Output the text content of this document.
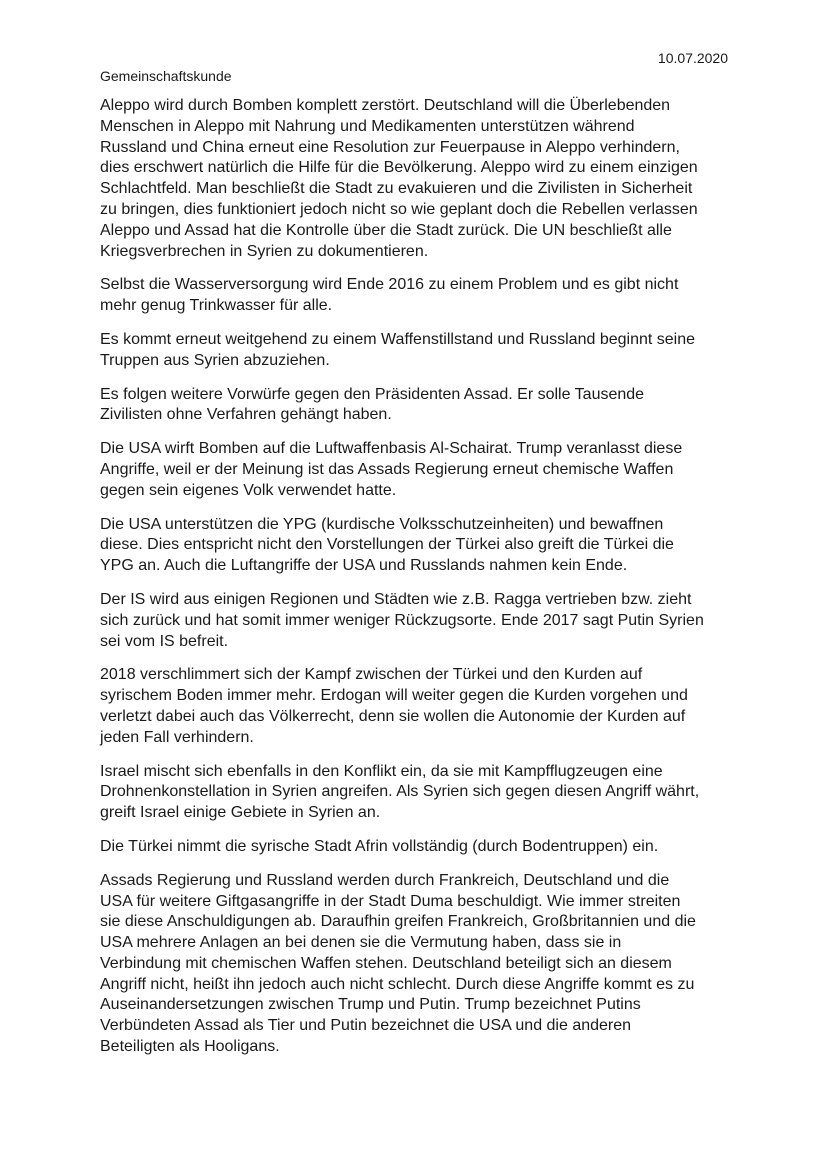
10.07.2020
Gemeinschaftskunde
Aleppo wird durch Bomben komplett zerstört. Deutschland will die Überlebenden
Menschen in Aleppo mit Nahrung und Medikamenten unterstützen während
Russland und China erneut eine Resolution zur Feuerpause in Aleppo verhindern,
dies erschwert natürlich die Hilfe für die Bevölkerung. Aleppo wird zu einem einzigen
Schlachtfeld. Man beschließt die Stadt zu evakuieren und die Zivilisten in Sicherheit
zu bringen, dies funktioniert jedoch nicht so wie geplant doch die Rebellen verlassen
Aleppo und Assad hat die Kontrolle über die Stadt zurück. Die UN beschließt alle
Kriegsverbrechen in Syrien zu dokumentieren.
Selbst die Wasserversorgung wird Ende 2016 zu einem Problem und es gibt nicht
mehr genug Trinkwasser für alle.
Es kommt erneut weitgehend zu einem Waffenstillstand und Russland beginnt seine
Truppen aus Syrien abzuziehen.
Es folgen weitere Vorwürfe gegen den Präsidenten Assad. Er solle Tausende
Zivilisten ohne Verfahren gehängt haben.
Die USA wirft Bomben auf die Luftwaffenbasis Al-Schairat. Trump veranlasst diese
Angriffe, weil er der Meinung ist das Assads Regierung erneut chemische Waffen
gegen sein eigenes Volk verwendet hatte.
Die USA unterstützen die YPG (kurdische Volksschutzeinheiten) und bewaffnen
diese. Dies entspricht nicht den Vorstellungen der Türkei also greift die Türkei die
YPG an. Auch die Luftangriffe der USA und Russlands nahmen kein Ende.
Der IS wird aus einigen Regionen und Städten wie z.B. Ragga vertrieben bzw. zieht
sich zurück und hat somit immer weniger Rückzugsorte. Ende 2017 sagt Putin Syrien
sei vom IS befreit.
2018 verschlimmert sich der Kampf zwischen der Türkei und den Kurden auf
syrischem Boden immer mehr. Erdogan will weiter gegen die Kurden vorgehen und
verletzt dabei auch das Völkerrecht, denn sie wollen die Autonomie der Kurden auf
jeden Fall verhindern.
Israel mischt sich ebenfalls in den Konflikt ein, da sie mit Kampfflugzeugen eine
Drohnenkonstellation in Syrien angreifen. Als Syrien sich gegen diesen Angriff währt,
greift Israel einige Gebiete in Syrien an.
Die Türkei nimmt die syrische Stadt Afrin vollständig (durch Bodentruppen) ein.
Assads Regierung und Russland werden durch Frankreich, Deutschland und die
USA für weitere Giftgasangriffe in der Stadt Duma beschuldigt. Wie immer streiten
sie diese Anschuldigungen ab. Daraufhin greifen Frankreich, Großbritannien und die
USA mehrere Anlagen an bei denen sie die Vermutung haben, dass sie in
Verbindung mit chemischen Waffen stehen. Deutschland beteiligt sich an diesem
Angriff nicht, heißt ihn jedoch auch nicht schlecht. Durch diese Angriffe kommt es zu
Auseinandersetzungen zwischen Trump und Putin. Trump bezeichnet Putins
Verbündeten Assad als Tier und Putin bezeichnet die USA und die anderen
Beteiligten als Hooligans.
